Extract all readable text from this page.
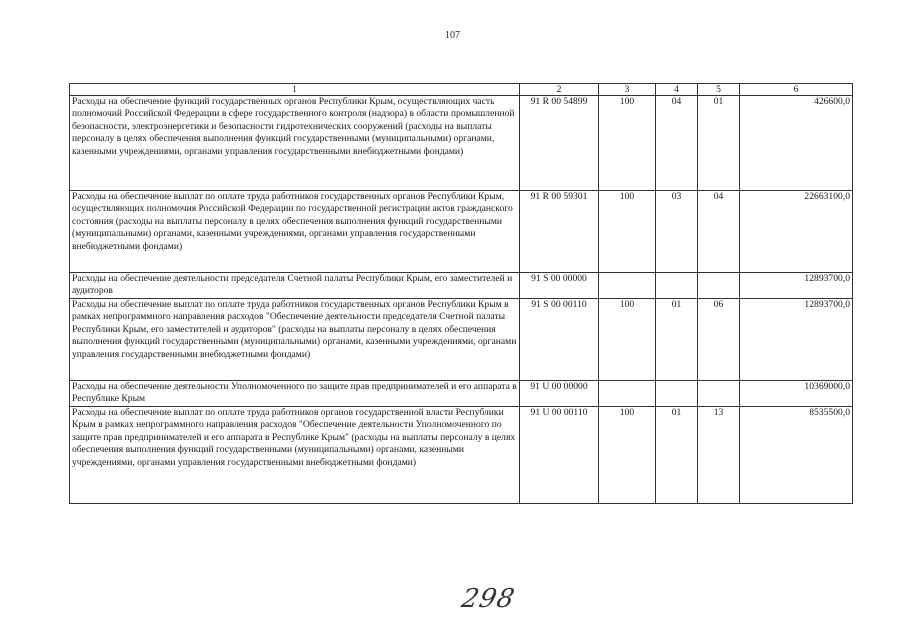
107
1	2	3	4	5	6
Расходы на обеспечение функций государственных органов Республики Крым, осуществляющих часть полномочий Российской Федерации в сфере государственного контроля (надзора) в области промышленной безопасности, электроэнергетики и безопасности гидротехнических сооружений (расходы на выплаты персоналу в целях обеспечения выполнения функций государственными (муниципальными) органами, казенными учреждениями, органами управления государственными внебюджетными фондами)	91 R 00 54899	100	04	01	426600,0
Расходы на обеспечение выплат по оплате труда работников государственных органов Республики Крым, осуществляющих полномочия Российской Федерации по государственной регистрации актов гражданского состояния (расходы на выплаты персоналу в целях обеспечения выполнения функций государственными (муниципальными) органами, казенными учреждениями, органами управления государственными внебюджетными фондами)	91 R 00 59301	100	03	04	22663100,0
Расходы на обеспечение деятельности председателя Счетной палаты Республики Крым, его заместителей и аудиторов	91 S 00 00000				12893700,0
Расходы на обеспечение выплат по оплате труда работников государственных органов Республики Крым в рамках непрограммного направления расходов "Обеспечение деятельности председателя Счетной палаты Республики Крым, его заместителей и аудиторов" (расходы на выплаты персоналу в целях обеспечения выполнения функций государственными (муниципальными) органами, казенными учреждениями, органами управления государственными внебюджетными фондами)	91 S 00 00110	100	01	06	12893700,0
Расходы на обеспечение деятельности Уполномоченного по защите прав предпринимателей и его аппарата в Республике Крым	91 U 00 00000				10369000,0
Расходы на обеспечение выплат по оплате труда работников органов государственной власти Республики Крым в рамках непрограммного направления расходов "Обеспечение деятельности Уполномоченного по защите прав предпринимателей и его аппарата в Республике Крым" (расходы на выплаты персоналу в целях обеспечения выполнения функций государственными (муниципальными) органами, казенными учреждениями, органами управления государственными внебюджетными фондами)	91 U 00 00110	100	01	13	8535500,0
298
